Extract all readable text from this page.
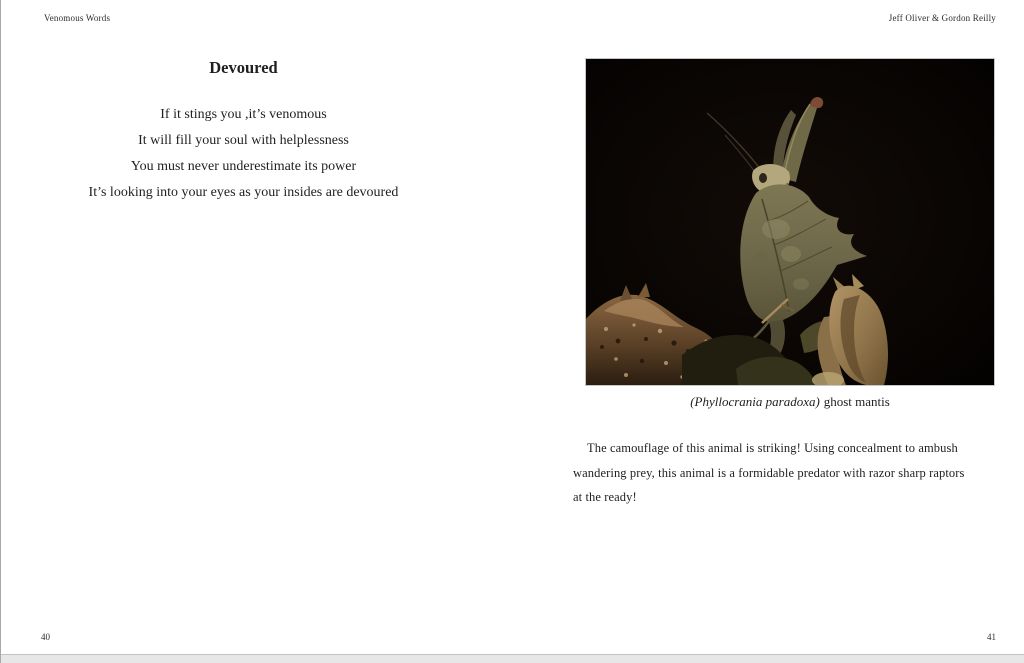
Venomous Words	Jeff Oliver & Gordon Reilly
Devoured
If it stings you ,it’s venomous
It will fill your soul with helplessness
You must never underestimate its power
It’s looking into your eyes as your insides are devoured
40
(Phyllocrania paradoxa) ghost mantis
The camouflage of this animal is striking! Using concealment to ambush
wandering prey, this animal is a formidable predator with razor sharp raptors
at the ready!
41
